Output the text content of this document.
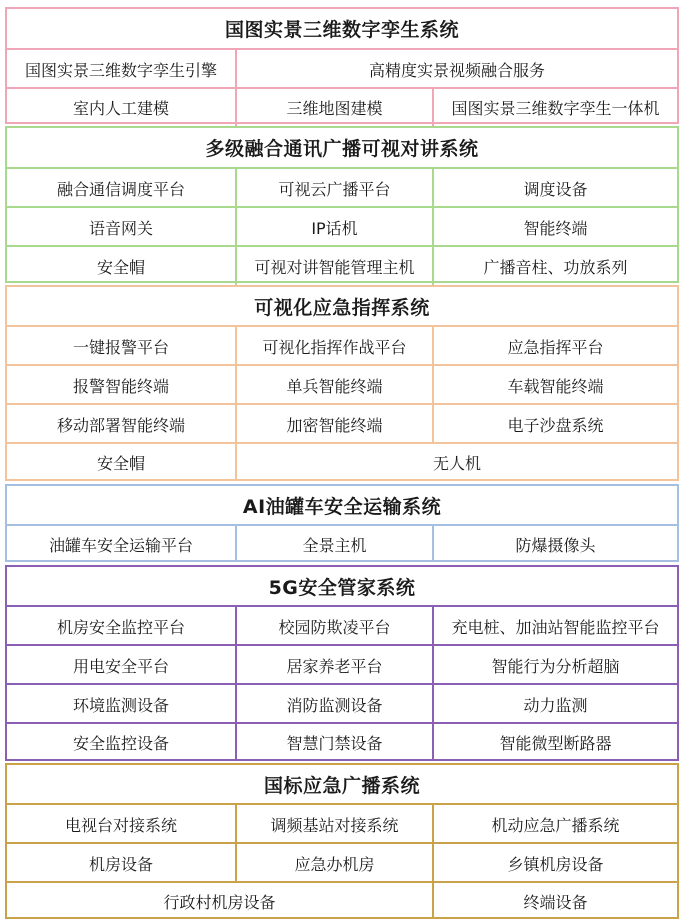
国图实景三维数字孪生系统
国图实景三维数字孪生引擎	高精度实景视频融合服务
室内人工建模	三维地图建模	国图实景三维数字孪生一体机
多级融合通讯广播可视对讲系统
融合通信调度平台	可视云广播平台	调度设备
语音网关	IP话机	智能终端
安全帽	可视对讲智能管理主机	广播音柱、功放系列
可视化应急指挥系统
一键报警平台	可视化指挥作战平台	应急指挥平台
报警智能终端	单兵智能终端	车载智能终端
移动部署智能终端	加密智能终端	电子沙盘系统
安全帽	无人机
AI油罐车安全运输系统
油罐车安全运输平台	全景主机	防爆摄像头
5G安全管家系统
机房安全监控平台	校园防欺凌平台	充电桩、加油站智能监控平台
用电安全平台	居家养老平台	智能行为分析超脑
环境监测设备	消防监测设备	动力监测
安全监控设备	智慧门禁设备	智能微型断路器
国标应急广播系统
电视台对接系统	调频基站对接系统	机动应急广播系统
机房设备	应急办机房	乡镇机房设备
行政村机房设备	终端设备
